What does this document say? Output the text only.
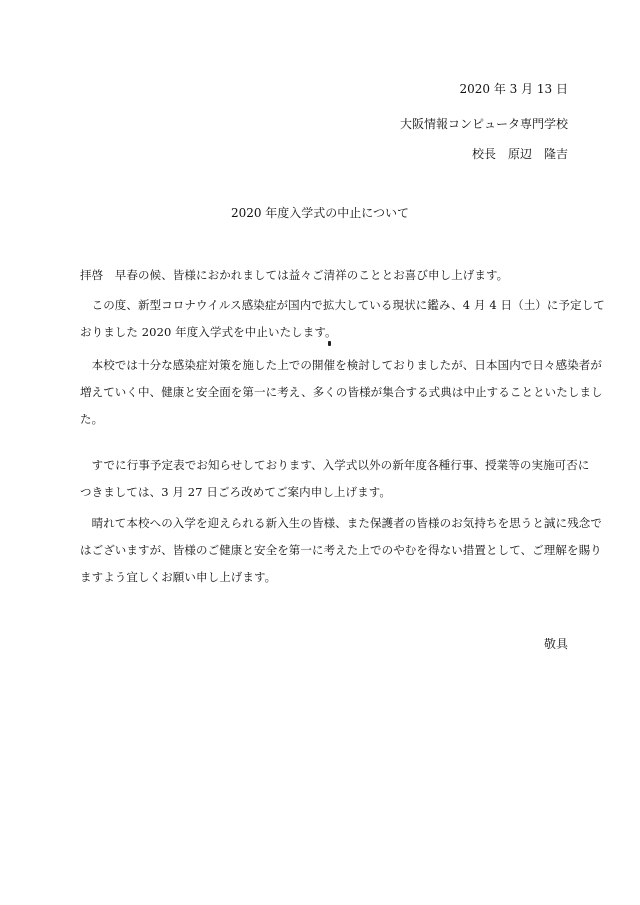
2020 年 3 月 13 日
大阪情報コンピュータ専門学校
校長　原辺　隆吉
2020 年度入学式の中止について

拝啓　早春の候、皆様におかれましては益々ご清祥のこととお喜び申し上げます。

　この度、新型コロナウイルス感染症が国内で拡大している現状に鑑み、4 月 4 日（土）に予定して
おりました 2020 年度入学式を中止いたします。

　本校では十分な感染症対策を施した上での開催を検討しておりましたが、日本国内で日々感染者が
増えていく中、健康と安全面を第一に考え、多くの皆様が集合する式典は中止することといたしまし
た。

　すでに行事予定表でお知らせしております、入学式以外の新年度各種行事、授業等の実施可否に
つきましては、3 月 27 日ごろ改めてご案内申し上げます。

　晴れて本校への入学を迎えられる新入生の皆様、また保護者の皆様のお気持ちを思うと誠に残念で
はございますが、皆様のご健康と安全を第一に考えた上でのやむを得ない措置として、ご理解を賜り
ますよう宜しくお願い申し上げます。

敬具
